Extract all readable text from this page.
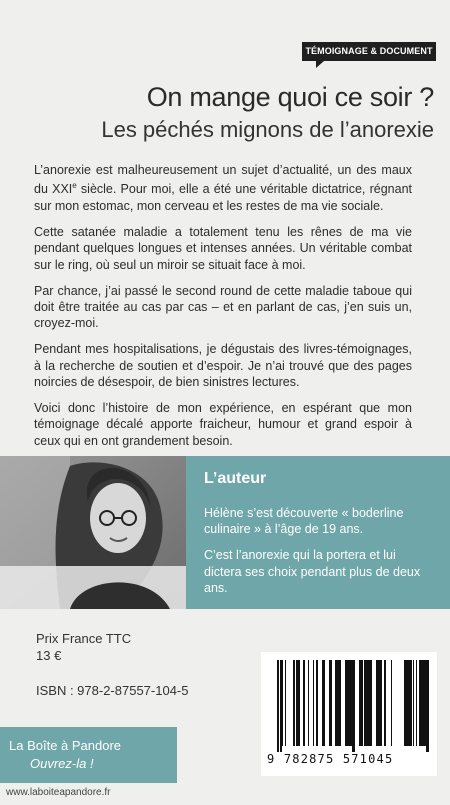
TÉMOIGNAGE & DOCUMENT
On mange quoi ce soir ?
Les péchés mignons de l’anorexie

L’anorexie est malheureusement un sujet d’actualité, un des maux du XXIe siècle. Pour moi, elle a été une véritable dictatrice, régnant sur mon estomac, mon cerveau et les restes de ma vie sociale.

Cette satanée maladie a totalement tenu les rênes de ma vie pendant quelques longues et intenses années. Un véritable combat sur le ring, où seul un miroir se situait face à moi.

Par chance, j’ai passé le second round de cette maladie taboue qui doit être traitée au cas par cas – et en parlant de cas, j’en suis un, croyez-moi.

Pendant mes hospitalisations, je dégustais des livres-témoignages, à la recherche de soutien et d’espoir. Je n’ai trouvé que des pages noircies de désespoir, de bien sinistres lectures.

Voici donc l’histoire de mon expérience, en espérant que mon témoignage décalé apporte fraicheur, humour et grand espoir à ceux qui en ont grandement besoin.

L’auteur

Hélène s’est découverte « boderline culinaire » à l’âge de 19 ans.

C’est l’anorexie qui la portera et lui dictera ses choix pendant plus de deux ans.

Prix France TTC
13 €
ISBN : 978-2-87557-104-5
9 782875 571045
La Boîte à Pandore
Ouvrez-la !
www.laboiteapandore.fr
